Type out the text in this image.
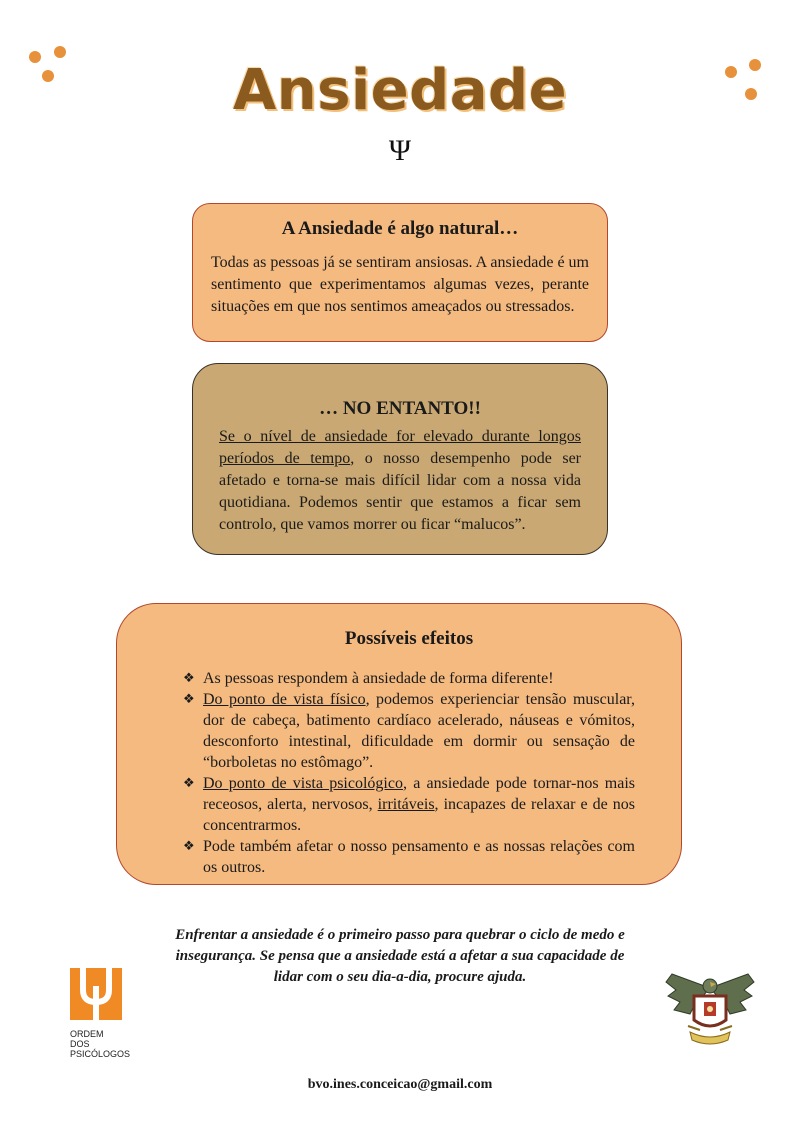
Ansiedade
Ψ
A Ansiedade é algo natural…

Todas as pessoas já se sentiram ansiosas. A ansiedade é um sentimento que experimentamos algumas vezes, perante situações em que nos sentimos ameaçados ou stressados.

… NO ENTANTO!!

Se o nível de ansiedade for elevado durante longos períodos de tempo, o nosso desempenho pode ser afetado e torna-se mais difícil lidar com a nossa vida quotidiana. Podemos sentir que estamos a ficar sem controlo, que vamos morrer ou ficar “malucos”.

Possíveis efeitos
❖ As pessoas respondem à ansiedade de forma diferente!
❖ Do ponto de vista físico, podemos experienciar tensão muscular, dor de cabeça, batimento cardíaco acelerado, náuseas e vómitos, desconforto intestinal, dificuldade em dormir ou sensação de “borboletas no estômago”.
❖ Do ponto de vista psicológico, a ansiedade pode tornar-nos mais receosos, alerta, nervosos, irritáveis, incapazes de relaxar e de nos concentrarmos.
❖ Pode também afetar o nosso pensamento e as nossas relações com os outros.
Enfrentar a ansiedade é o primeiro passo para quebrar o ciclo de medo e insegurança. Se pensa que a ansiedade está a afetar a sua capacidade de lidar com o seu dia-a-dia, procure ajuda.
ORDEM
DOS
PSICÓLOGOS
bvo.ines.conceicao@gmail.com
